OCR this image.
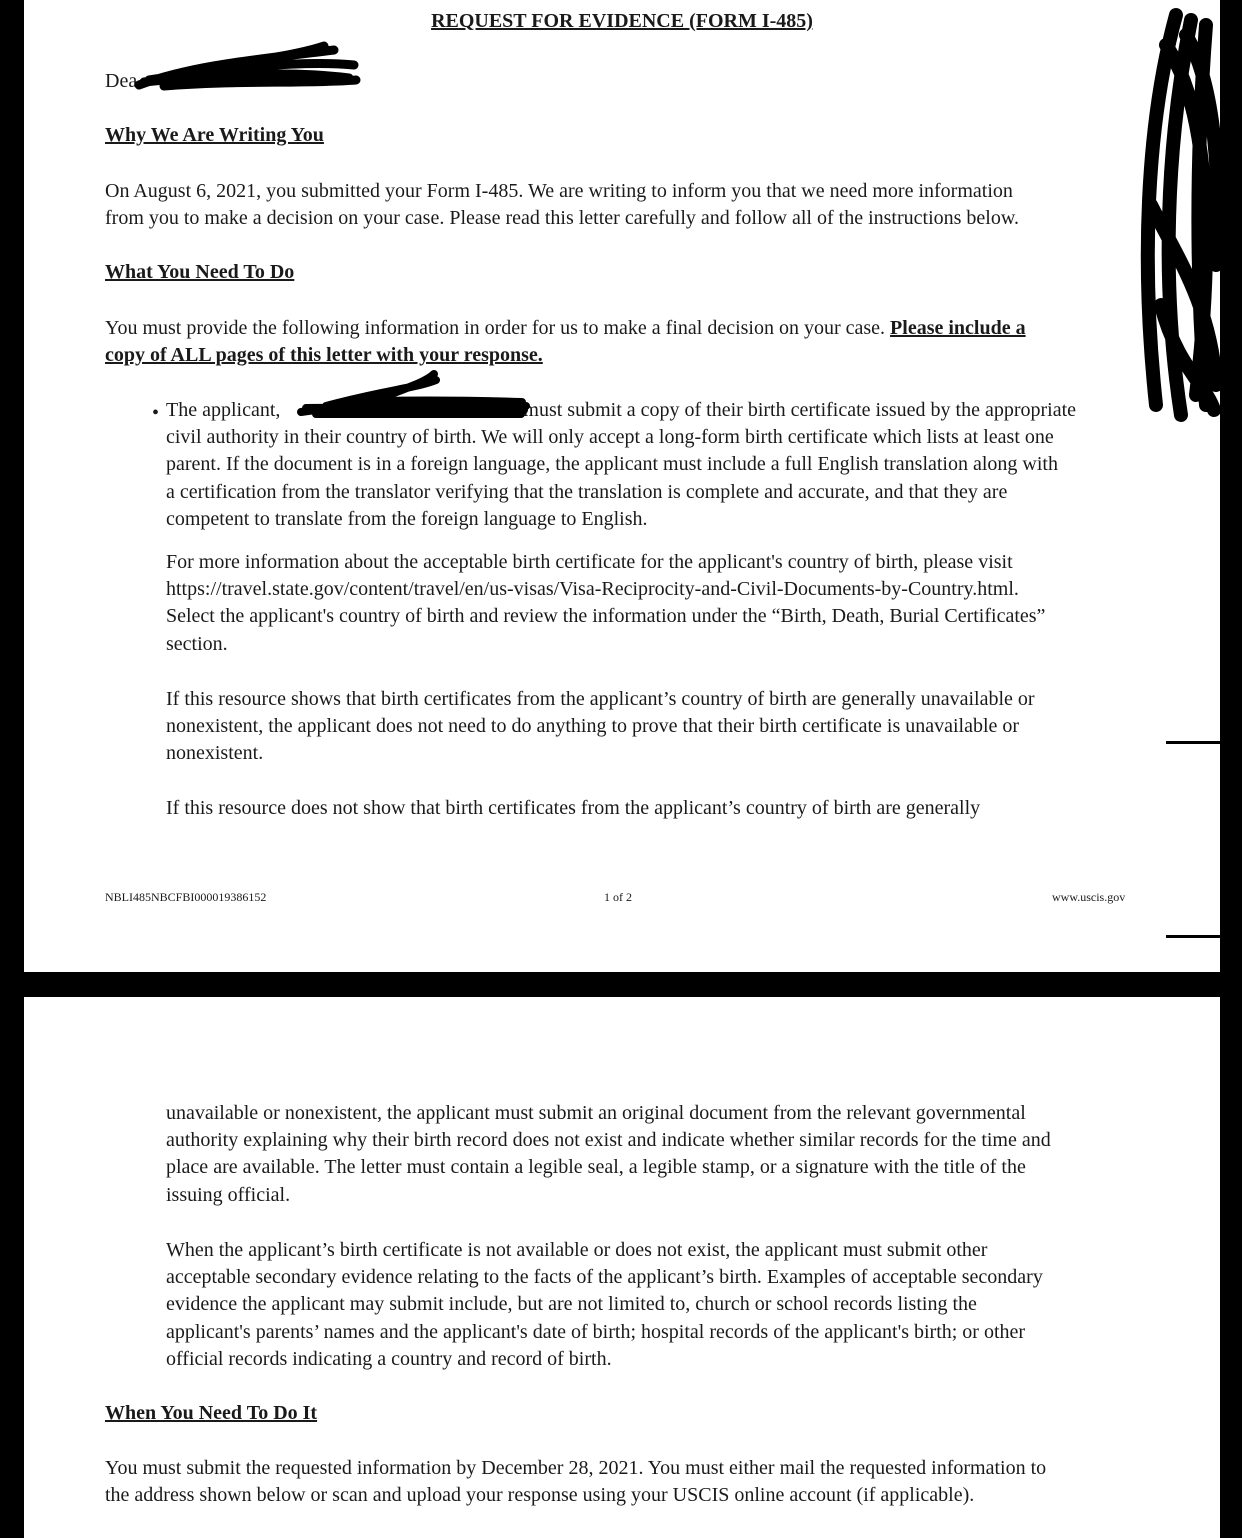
REQUEST FOR EVIDENCE (FORM I-485)

Dea

Why We Are Writing You

On August 6, 2021, you submitted your Form I-485. We are writing to inform you that we need more information
from you to make a decision on your case. Please read this letter carefully and follow all of the instructions below.

What You Need To Do

You must provide the following information in order for us to make a final decision on your case. Please include a
copy of ALL pages of this letter with your response.
• The applicant,	must submit a copy of their birth certificate issued by the appropriate
civil authority in their country of birth. We will only accept a long-form birth certificate which lists at least one
parent. If the document is in a foreign language, the applicant must include a full English translation along with
a certification from the translator verifying that the translation is complete and accurate, and that they are
competent to translate from the foreign language to English.
For more information about the acceptable birth certificate for the applicant's country of birth, please visit
https://travel.state.gov/content/travel/en/us-visas/Visa-Reciprocity-and-Civil-Documents-by-Country.html.
Select the applicant's country of birth and review the information under the “Birth, Death, Burial Certificates”
section.
If this resource shows that birth certificates from the applicant’s country of birth are generally unavailable or
nonexistent, the applicant does not need to do anything to prove that their birth certificate is unavailable or
nonexistent.
If this resource does not show that birth certificates from the applicant’s country of birth are generally

NBLI485NBCFBI000019386152	1 of 2	www.uscis.gov

unavailable or nonexistent, the applicant must submit an original document from the relevant governmental
authority explaining why their birth record does not exist and indicate whether similar records for the time and
place are available. The letter must contain a legible seal, a legible stamp, or a signature with the title of the
issuing official.
When the applicant’s birth certificate is not available or does not exist, the applicant must submit other
acceptable secondary evidence relating to the facts of the applicant’s birth. Examples of acceptable secondary
evidence the applicant may submit include, but are not limited to, church or school records listing the
applicant's parents’ names and the applicant's date of birth; hospital records of the applicant's birth; or other
official records indicating a country and record of birth.

When You Need To Do It

You must submit the requested information by December 28, 2021. You must either mail the requested information to
the address shown below or scan and upload your response using your USCIS online account (if applicable).
